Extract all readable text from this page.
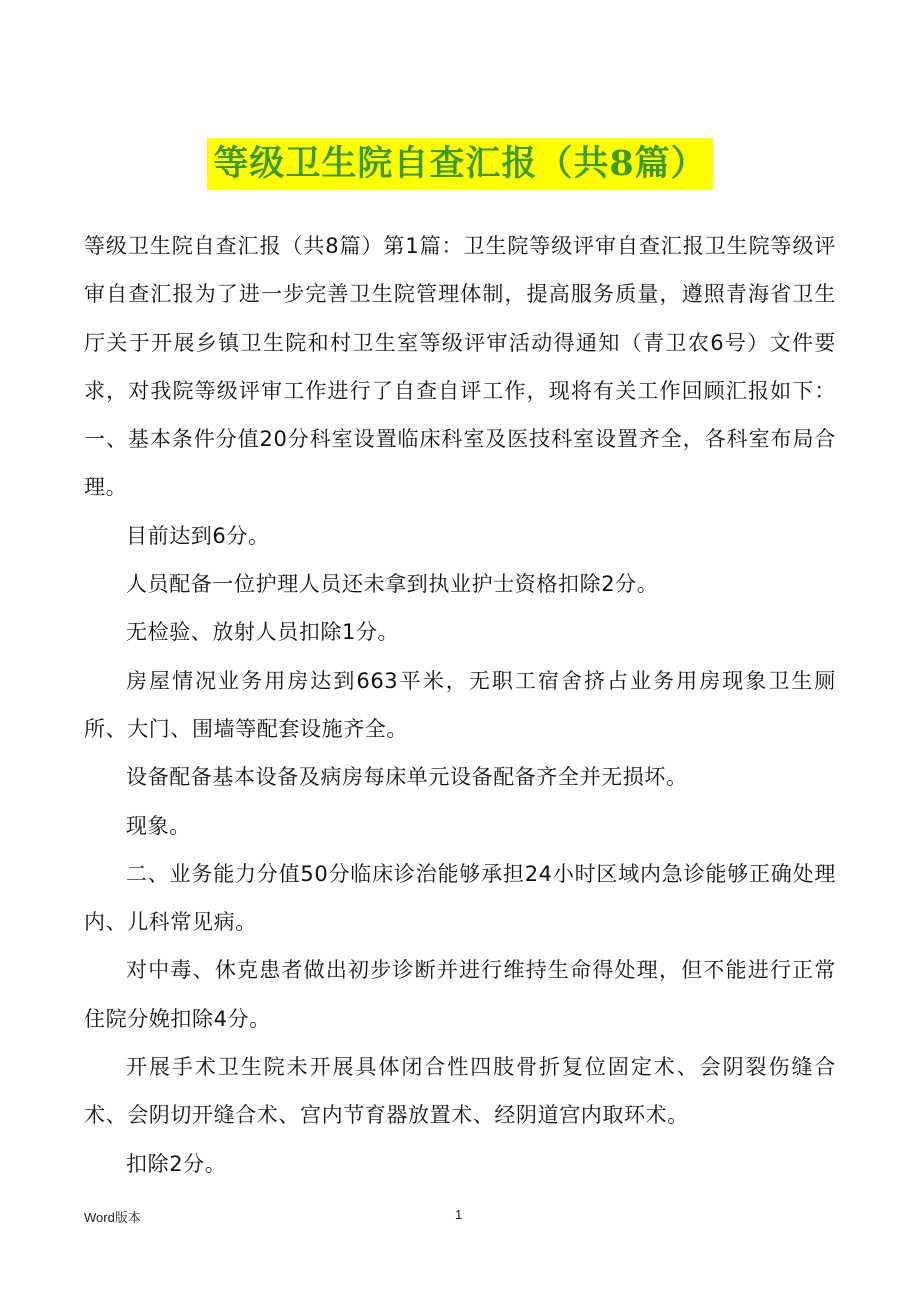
等级卫生院自查汇报（共8篇）

等级卫生院自查汇报（共8篇）第1篇：卫生院等级评审自查汇报卫生院等级评审自查汇报为了进一步完善卫生院管理体制，提高服务质量，遵照青海省卫生厅关于开展乡镇卫生院和村卫生室等级评审活动得通知（青卫农6号）文件要求，对我院等级评审工作进行了自查自评工作，现将有关工作回顾汇报如下：一、基本条件分值20分科室设置临床科室及医技科室设置齐全，各科室布局合理。

目前达到6分。

人员配备一位护理人员还未拿到执业护士资格扣除2分。

无检验、放射人员扣除1分。

房屋情况业务用房达到663平米，无职工宿舍挤占业务用房现象卫生厕所、大门、围墙等配套设施齐全。

设备配备基本设备及病房每床单元设备配备齐全并无损坏。

现象。

二、业务能力分值50分临床诊治能够承担24小时区域内急诊能够正确处理内、儿科常见病。

对中毒、休克患者做出初步诊断并进行维持生命得处理，但不能进行正常住院分娩扣除4分。

开展手术卫生院未开展具体闭合性四肢骨折复位固定术、会阴裂伤缝合术、会阴切开缝合术、宫内节育器放置术、经阴道宫内取环术。

扣除2分。

Word版本	1
